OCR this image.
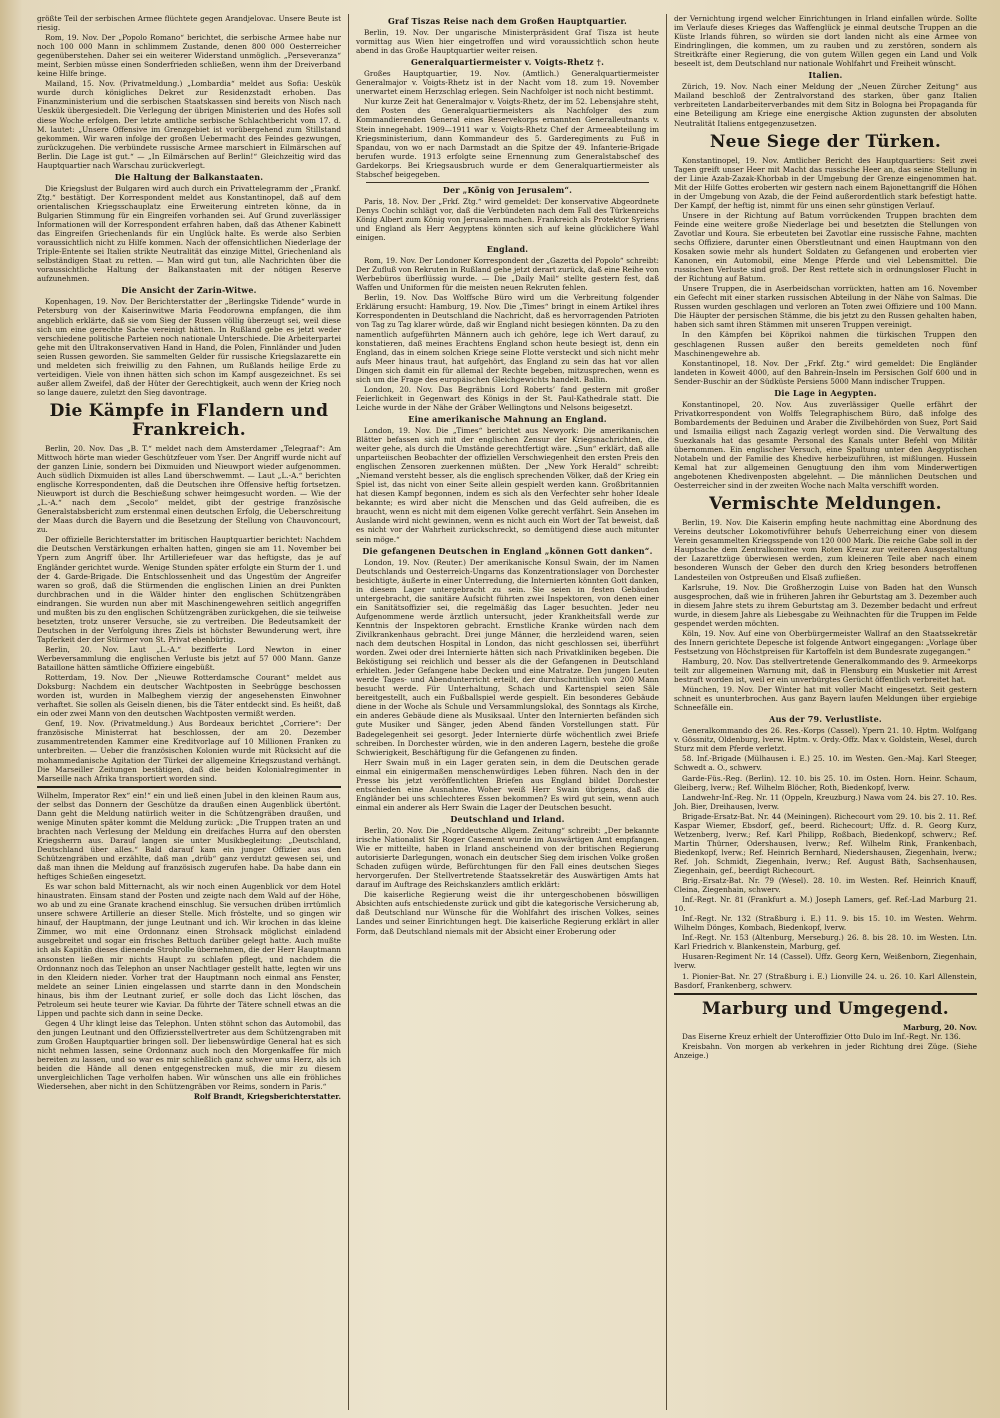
größte Teil der serbischen Armee flüchtete gegen Arandjelovac. Unsere Beute ist riesig.

Rom, 19. Nov. Der „Popolo Romano“ berichtet, die serbische Armee habe nur noch 100 000 Mann in schlimmem Zustande, denen 800 000 Oesterreicher gegenüberstehen. Daher sei ein weiterer Widerstand unmöglich. „Perseveranza“ meint, Serbien müsse einen Sonderfrieden schließen, wenn ihm der Dreiverband keine Hilfe bringe.

Mailand, 15. Nov. (Privatmeldung.) „Lombardia“ meldet aus Sofia: Ueskük wurde durch königliches Dekret zur Residenzstadt erhoben. Das Finanzministerium und die serbischen Staatskassen sind bereits von Nisch nach Ueskük übergesiedelt. Die Verlegung der übrigen Ministerien und des Hofes soll diese Woche erfolgen. Der letzte amtliche serbische Schlachtbericht vom 17. d. M. lautet: „Unsere Offensive im Grenzgebiet ist vorübergehend zum Stillstand gekommen. Wir waren infolge der großen Uebermacht des Feindes gezwungen, zurückzugehen. Die verbündete russische Armee marschiert in Eilmärschen auf Berlin. Die Lage ist gut.“ — „In Eilmärschen auf Berlin!“ Gleichzeitig wird das Hauptquartier nach Warschau zurückverlegt.

Die Haltung der Balkanstaaten.

Die Kriegslust der Bulgaren wird auch durch ein Privattelegramm der „Frankf. Ztg.“ bestätigt. Der Korrespondent meldet aus Konstantinopel, daß auf dem orientalischen Kriegsschauplatz eine Erweiterung eintreten könne, da in Bulgarien Stimmung für ein Eingreifen vorhanden sei. Auf Grund zuverlässiger Informationen will der Korrespondent erfahren haben, daß das Athener Kabinett das Eingreifen Griechenlands für ein Unglück halte. Es werde also Serbien voraussichtlich nicht zu Hilfe kommen. Nach der offensichtlichen Niederlage der Triple-Entente sei Italien strikte Neutralität das einzige Mittel, Griechenland als selbständigen Staat zu retten. — Man wird gut tun, alle Nachrichten über die voraussichtliche Haltung der Balkanstaaten mit der nötigen Reserve aufzunehmen.

Die Ansicht der Zarin-Witwe.

Kopenhagen, 19. Nov. Der Berichterstatter der „Berlingske Tidende“ wurde in Petersburg von der Kaiserinwitwe Maria Feodorowna empfangen, die ihm angeblich erklärte, daß sie vom Sieg der Russen völlig überzeugt sei, weil diese sich um eine gerechte Sache vereinigt hätten. In Rußland gebe es jetzt weder verschiedene politische Parteien noch nationale Unterschiede. Die Arbeiterpartei gehe mit den Ultrakonservativen Hand in Hand, die Polen, Finnländer und Juden seien Russen geworden. Sie sammelten Gelder für russische Kriegslazarette ein und meldeten sich freiwillig zu den Fahnen, um Rußlands heilige Erde zu verteidigen. Viele von ihnen hätten sich schon im Kampf ausgezeichnet. Es sei außer allem Zweifel, daß der Hüter der Gerechtigkeit, auch wenn der Krieg noch so lange dauere, zuletzt den Sieg davontrage.

Die Kämpfe in Flandern und Frankreich.

Berlin, 20. Nov. Das „B. T.“ meldet nach dem Amsterdamer „Telegraaf“: Am Mittwoch hörte man wieder Geschützfeuer vom Yser. Der Angriff wurde nicht auf der ganzen Linie, sondern bei Dixmuiden und Nieuwport wieder aufgenommen. Auch südlich Dixmuiden ist alles Land überschwemmt. — Laut „L.-A.“ berichten englische Korrespondenten, daß die Deutschen ihre Offensive heftig fortsetzen. Nieuwport ist durch die Beschießung schwer heimgesucht worden. — Wie der „L.-A.“ nach dem „Secolo“ meldet, gibt der gestrige französische Generalstabsbericht zum erstenmal einen deutschen Erfolg, die Ueberschreitung der Maas durch die Bayern und die Besetzung der Stellung von Chauvoncourt, zu.

Der offizielle Berichterstatter im britischen Hauptquartier berichtet: Nachdem die Deutschen Verstärkungen erhalten hatten, gingen sie am 11. November bei Ypern zum Angriff über. Ihr Artilleriefeuer war das heftigste, das je auf Engländer gerichtet wurde. Wenige Stunden später erfolgte ein Sturm der 1. und der 4. Garde-Brigade. Die Entschlossenheit und das Ungestüm der Angreifer waren so groß, daß die Stürmenden die englischen Linien an drei Punkten durchbrachen und in die Wälder hinter den englischen Schützengräben eindrangen. Sie wurden nun aber mit Maschinengewehren seitlich angegriffen und mußten bis zu den englischen Schützengräben zurückgehen, die sie teilweise besetzten, trotz unserer Versuche, sie zu vertreiben. Die Bedeutsamkeit der Deutschen in der Verfolgung ihres Ziels ist höchster Bewunderung wert, ihre Tapferkeit der der Stürmer von St. Privat ebenbürtig.

Berlin, 20. Nov. Laut „L.-A.“ bezifferte Lord Newton in einer Werbeversammlung die englischen Verluste bis jetzt auf 57 000 Mann. Ganze Bataillone hätten sämtliche Offiziere eingebüßt.

Rotterdam, 19. Nov. Der „Nieuwe Rotterdamsche Courant“ meldet aus Doksburg: Nachdem ein deutscher Wachtposten in Seebrügge beschossen worden ist, wurden in Malbeghem vierzig der angesehensten Einwohner verhaftet. Sie sollen als Geiseln dienen, bis die Täter entdeckt sind. Es heißt, daß ein oder zwei Mann von den deutschen Wachtposten vermißt werden.

Genf, 19. Nov. (Privatmeldung.) Aus Bordeaux berichtet „Corriere“: Der französische Ministerrat hat beschlossen, der am 20. Dezember zusammentretenden Kammer eine Kreditvorlage auf 10 Millionen Franken zu unterbreiten. — Ueber die französischen Kolonien wurde mit Rücksicht auf die mohammedanische Agitation der Türkei der allgemeine Kriegszustand verhängt. Die Marseiller Zeitungen bestätigen, daß die beiden Kolonialregimenter in Marseille nach Afrika transportiert worden sind.

Wilhelm, Imperator Rex“ ein!“ ein und ließ einen Jubel in den kleinen Raum aus, der selbst das Donnern der Geschütze da draußen einen Augenblick übertönt. Dann geht die Meldung natürlich weiter in die Schützengräben draußen, und wenige Minuten später kommt die Meldung zurück: „Die Truppen traten an und brachten nach Verlesung der Meldung ein dreifaches Hurra auf den obersten Kriegsherrn aus. Darauf langen sie unter Musikbegleitung: „Deutschland, Deutschland über alles.“ Bald darauf kam ein junger Offizier aus den Schützengräben und erzählte, daß man „drüb“ ganz verdutzt gewesen sei, und daß man ihnen die Meldung auf französisch zugerufen habe. Da habe dann ein heftiges Schießen eingesetzt.

Es war schon bald Mitternacht, als wir noch einen Augenblick vor dem Hotel hinaustraten. Einsam stand der Posten und zeigte nach dem Wald auf der Höhe, wo ab und zu eine Granate krachend einschlug. Sie versuchen drüben irrtümlich unsere schwere Artillerie an dieser Stelle. Mich fröstelte, und so gingen wir hinauf, der Hauptmann, der junge Leutnant und ich. Wir krochen in das kleine Zimmer, wo mit eine Ordonnanz einen Strohsack möglichst einladend ausgebreitet und sogar ein frisches Bettuch darüber gelegt hatte. Auch mußte ich als Kapitän dieses dienende Strohrolle übernehmen, die der Herr Hauptmann ansonsten ließen mir nichts Haupt zu schlafen pflegt, und nachdem die Ordonnanz noch das Telephon an unser Nachtlager gestellt hatte, legten wir uns in den Kleidern nieder. Vorher trat der Hauptmann noch einmal ans Fenster, meldete an seiner Linien eingelassen und starrte dann in den Mondschein hinaus, bis ihm der Leutnant zurief, er solle doch das Licht löschen, das Petroleum sei heute teurer wie Kaviar. Da führte der Tätere schnell etwas an die Lippen und pachte sich dann in seine Decke.

Gegen 4 Uhr klingt leise das Telephon. Unten stöhnt schon das Automobil, das den jungen Leutnant und den Offiziersstellvertreter aus dem Schützengraben mit zum Großen Hauptquartier bringen soll. Der liebenswürdige General hat es sich nicht nehmen lassen, seine Ordonnanz auch noch den Morgenkaffee für mich bereiten zu lassen, und so war es mir schließlich ganz schwer ums Herz, als ich beiden die Hände all denen entgegenstrecken muß, die mir zu diesem unvergleichlichen Tage verholfen haben. Wir wünschen uns alle ein fröhliches Wiedersehen, aber nicht in den Schützengräben vor Reims, sondern in Paris.“

Rolf Brandt, Kriegsberichterstatter.
Graf Tiszas Reise nach dem Großen Hauptquartier.

Berlin, 19. Nov. Der ungarische Ministerpräsident Graf Tisza ist heute vormittag aus Wien hier eingetroffen und wird voraussichtlich schon heute abend in das Große Hauptquartier weiter reisen.

Generalquartiermeister v. Voigts-Rhetz †.

Großes Hauptquartier, 19. Nov. (Amtlich.) Generalquartiermeister Generalmajor v. Voigts-Rhetz ist in der Nacht vom 18. zum 19. November unerwartet einem Herzschlag erlegen. Sein Nachfolger ist noch nicht bestimmt.

Nur kurze Zeit hat Generalmajor v. Voigts-Rhetz, der im 52. Lebensjahre steht, den Posten des Generalquartiermeisters als Nachfolger des zum Kommandierenden General eines Reservekorps ernannten Generalleutnants v. Stein innegehabt. 1909—1911 war v. Voigts-Rhetz Chef der Armeeabteilung im Kriegsministerium, dann Kommandeur des 5. Garderegiments zu Fuß in Spandau, von wo er nach Darmstadt an die Spitze der 49. Infanterie-Brigade berufen wurde. 1913 erfolgte seine Ernennung zum Generalstabschef des Gardekorps. Bei Kriegsausbruch wurde er dem Generalquartiermeister als Stabschef beigegeben.

Der „König von Jerusalem“.

Paris, 18. Nov. Der „Frkf. Ztg.“ wird gemeldet: Der konservative Abgeordnete Denys Cochin schlägt vor, daß die Verbündeten nach dem Fall des Türkenreichs König Albert zum König von Jerusalem machen. Frankreich als Protektor Syriens und England als Herr Aegyptens könnten sich auf keine glücklichere Wahl einigen.

England.

Rom, 19. Nov. Der Londoner Korrespondent der „Gazetta del Popolo“ schreibt: Der Zufluß von Rekruten in Rußland gehe jetzt derart zurück, daß eine Reihe von Werbebüros überflüssig wurde. — Die „Daily Mail“ stellte gestern fest, daß Waffen und Uniformen für die meisten neuen Rekruten fehlen.

Berlin, 19. Nov. Das Wolffsche Büro wird um die Verbreitung folgender Erklärung ersucht: Hamburg, 19. Nov. Die „Times“ bringt in einem Artikel ihres Korrespondenten in Deutschland die Nachricht, daß es hervorragenden Patrioten von Tag zu Tag klarer würde, daß wir England nicht besiegen könnten. Da zu den namentlich aufgeführten Männern auch ich gehöre, lege ich Wert darauf, zu konstatieren, daß meines Erachtens England schon heute besiegt ist, denn ein England, das in einem solchen Kriege seine Flotte versteckt und sich nicht mehr aufs Meer hinaus traut, hat aufgehört, das England zu sein das hat vor allen Dingen sich damit ein für allemal der Rechte begeben, mitzusprechen, wenn es sich um die Frage des europäischen Gleichgewichts handelt. Ballin.

London, 20. Nov. Das Begräbnis Lord Roberts’ fand gestern mit großer Feierlichkeit in Gegenwart des Königs in der St. Paul-Kathedrale statt. Die Leiche wurde in der Nähe der Gräber Wellingtons und Nelsons beigesetzt.

Eine amerikanische Mahnung an England.

London, 19. Nov. Die „Times“ berichtet aus Newyork: Die amerikanischen Blätter befassen sich mit der englischen Zensur der Kriegsnachrichten, die weiter gehe, als durch die Umstände gerechtfertigt wäre. „Sun“ erklärt, daß alle unparteiischen Beobachter der offiziellen Verschwiegenheit den ersten Preis den englischen Zensoren zuerkennen müßten. Der „New York Herald“ schreibt: „Niemand versteht besser, als die englisch sprechenden Völker, daß der Krieg ein Spiel ist, das nicht von einer Seite allein gespielt werden kann. Großbritannien hat diesen Kampf begonnen, indem es sich als den Verfechter sehr hoher Ideale bekannte; es wird aber nicht die Menschen und das Geld aufreiben, die es braucht, wenn es nicht mit dem eigenen Volke gerecht verfährt. Sein Ansehen im Auslande wird nicht gewinnen, wenn es nicht auch ein Wort der Tat beweist, daß es nicht vor der Wahrheit zurückschreckt, so demütigend diese auch mitunter sein möge.“

Die gefangenen Deutschen in England „können Gott danken“.

London, 19. Nov. (Reuter.) Der amerikanische Konsul Swain, der im Namen Deutschlands und Oesterreich-Ungarns das Konzentrationslager von Dorchester besichtigte, äußerte in einer Unterredung, die Internierten könnten Gott danken, in diesem Lager untergebracht zu sein. Sie seien in festen Gebäuden untergebracht, die sanitäre Aufsicht führten zwei Inspektoren, von denen einer ein Sanitätsoffizier sei, die regelmäßig das Lager besuchten. Jeder neu Aufgenommene werde ärztlich untersucht, jeder Krankheitsfall werde zur Kenntnis der Inspektoren gebracht. Ernstliche Kranke würden nach dem Zivilkrankenhaus gebracht. Drei junge Männer, die herzleidend waren, seien nach dem deutschen Hospital in London, das nicht geschlossen sei, überführt worden. Zwei oder drei Internierte hätten sich nach Privatkliniken begeben. Die Beköstigung sei reichlich und besser als die der Gefangenen in Deutschland erhielten. Jeder Gefangene habe Decken und eine Matratze. Den jungen Leuten werde Tages- und Abendunterricht erteilt, der durchschnittlich von 200 Mann besucht werde. Für Unterhaltung, Schach und Kartenspiel seien Säle bereitgestellt, auch ein Fußballspiel werde gespielt. Ein besonderes Gebäude diene in der Woche als Schule und Versammlungslokal, des Sonntags als Kirche, ein anderes Gebäude diene als Musiksaal. Unter den Internierten befänden sich gute Musiker und Sänger, jeden Abend fänden Vorstellungen statt. Für Badegelegenheit sei gesorgt. Jeder Internierte dürfe wöchentlich zwei Briefe schreiben. In Dorchester würden, wie in den anderen Lagern, bestehe die große Schwierigkeit, Beschäftigung für die Gefangenen zu finden.

Herr Swain muß in ein Lager geraten sein, in dem die Deutschen gerade einmal ein einigermaßen menschenwürdiges Leben führen. Nach den in der Presse bis jetzt veröffentlichten Briefen aus England bildet Dorchester entschieden eine Ausnahme. Woher weiß Herr Swain übrigens, daß die Engländer bei uns schlechteres Essen bekommen? Es wird gut sein, wenn auch einmal ein anderer als Herr Swain die Lager der Deutschen besucht.

Deutschland und Irland.

Berlin, 20. Nov. Die „Norddeutsche Allgem. Zeitung“ schreibt: „Der bekannte irische Nationalist Sir Roger Casement wurde im Auswärtigen Amt empfangen. Wie er mitteilte, haben in Irland anscheinend von der britischen Regierung autorisierte Darlegungen, wonach ein deutscher Sieg dem irischen Volke großen Schaden zufügen würde, Befürchtungen für den Fall eines deutschen Sieges hervorgerufen. Der Stellvertretende Staatssekretär des Auswärtigen Amts hat darauf im Auftrage des Reichskanzlers amtlich erklärt:

Die kaiserliche Regierung weist die ihr untergeschobenen böswilligen Absichten aufs entschiedenste zurück und gibt die kategorische Versicherung ab, daß Deutschland nur Wünsche für die Wohlfahrt des irischen Volkes, seines Landes und seiner Einrichtungen hegt. Die kaiserliche Regierung erklärt in aller Form, daß Deutschland niemals mit der Absicht einer Eroberung oder

der Vernichtung irgend welcher Einrichtungen in Irland einfallen würde. Sollte im Verlaufe dieses Krieges das Waffenglück je einmal deutsche Truppen an die Küste Irlands führen, so würden sie dort landen nicht als eine Armee von Eindringlingen, die kommen, um zu rauben und zu zerstören, sondern als Streitkräfte einer Regierung, die von gutem Willen gegen ein Land und Volk beseelt ist, dem Deutschland nur nationale Wohlfahrt und Freiheit wünscht.

Italien.

Zürich, 19. Nov. Nach einer Meldung der „Neuen Zürcher Zeitung“ aus Mailand beschloß der Zentralvorstand des starken, über ganz Italien verbreiteten Landarbeiterverbandes mit dem Sitz in Bologna bei Propaganda für eine Beteiligung am Kriege eine energische Aktion zugunsten der absoluten Neutralität Italiens entgegenzusetzen.

Neue Siege der Türken.

Konstantinopel, 19. Nov. Amtlicher Bericht des Hauptquartiers: Seit zwei Tagen greift unser Heer mit Macht das russische Heer an, das seine Stellung in der Linie Azab-Zazak-Khorbab in der Umgebung der Grenze eingenommen hat. Mit der Hilfe Gottes eroberten wir gestern nach einem Bajonettangriff die Höhen in der Umgebung von Azab, die der Feind außerordentlich stark befestigt hatte. Der Kampf, der heftig ist, nimmt für uns einen sehr günstigen Verlauf.

Unsere in der Richtung auf Batum vorrückenden Truppen brachten dem Feinde eine weitere große Niederlage bei und besetzten die Stellungen von Zavotlar und Koura. Sie erbeuteten bei Zavotlar eine russische Fahne, machten sechs Offiziere, darunter einen Oberstleutnant und einen Hauptmann von den Kosaken sowie mehr als hundert Soldaten zu Gefangenen und eroberten vier Kanonen, ein Automobil, eine Menge Pferde und viel Lebensmittel. Die russischen Verluste sind groß. Der Rest rettete sich in ordnungsloser Flucht in der Richtung auf Batum.

Unsere Truppen, die in Aserbeidschan vorrückten, hatten am 16. November ein Gefecht mit einer starken russischen Abteilung in der Nähe von Salmas. Die Russen wurden geschlagen und verloren an Toten zwei Offiziere und 100 Mann. Die Häupter der persischen Stämme, die bis jetzt zu den Russen gehalten haben, haben sich samt ihren Stämmen mit unseren Truppen vereinigt.

In den Kämpfen bei Köprikoi nahmen die türkischen Truppen den geschlagenen Russen außer den bereits gemeldeten noch fünf Maschinengewehre ab.

Konstantinopel, 18. Nov. Der „Frkf. Ztg.“ wird gemeldet: Die Engländer landeten in Koweit 4000, auf den Bahrein-Inseln im Persischen Golf 600 und in Sender-Buschir an der Südküste Persiens 5000 Mann indischer Truppen.

Die Lage in Aegypten.

Konstantinopel, 20. Nov. Aus zuverlässiger Quelle erfährt der Privatkorrespondent von Wolffs Telegraphischem Büro, daß infolge des Bombardements der Beduinen und Araber die Zivilbehörden von Suez, Port Said und Ismailia eiligst nach Zagazig verlegt worden sind. Die Verwaltung des Suezkanals hat das gesamte Personal des Kanals unter Befehl von Militär übernommen. Ein englischer Versuch, eine Spaltung unter den Aegyptischen Notabeln und der Familie des Khedive herbeizuführen, ist mißlungen. Hussein Kemal hat zur allgemeinen Genugtuung den ihm vom Minderwertigen angebotenen Khedivenposten abgelehnt. — Die männlichen Deutschen und Oesterreicher sind in der zweiten Woche nach Malta verschifft worden.

Vermischte Meldungen.

Berlin, 19. Nov. Die Kaiserin empfing heute nachmittag eine Abordnung des Vereins deutscher Lokomotivführer behufs Ueberreichung einer von diesem Verein gesammelten Kriegsspende von 120 000 Mark. Die reiche Gabe soll in der Hauptsache dem Zentralkomitee vom Roten Kreuz zur weiteren Ausgestaltung der Lazarettzüge überwiesen werden, zum kleineren Teile aber nach einem besonderen Wunsch der Geber den durch den Krieg besonders betroffenen Landesteilen von Ostpreußen und Elsaß zufließen.

Karlsruhe, 19. Nov. Die Großherzogin Luise von Baden hat den Wunsch ausgesprochen, daß wie in früheren Jahren ihr Geburtstag am 3. Dezember auch in diesem Jahre stets zu ihrem Geburtstag am 3. Dezember bedacht und erfreut wurde, in diesem Jahre als Liebesgabe zu Weihnachten für die Truppen im Felde gespendet werden möchten.

Köln, 19. Nov. Auf eine von Oberbürgermeister Wallraf an den Staatssekretär des Innern gerichtete Depesche ist folgende Antwort eingegangen: „Vorlage über Festsetzung von Höchstpreisen für Kartoffeln ist dem Bundesrate zugegangen.“

Hamburg, 20. Nov. Das stellvertretende Generalkommando des 9. Armeekorps teilt zur allgemeinen Warnung mit, daß in Flensburg ein Musketier mit Arrest bestraft worden ist, weil er ein unverbürgtes Gerücht öffentlich verbreitet hat.

München, 19. Nov. Der Winter hat mit voller Macht eingesetzt. Seit gestern schneit es ununterbrochen. Aus ganz Bayern laufen Meldungen über ergiebige Schneefälle ein.

Aus der 79. Verlustliste.

Generalkommando des 26. Res.-Korps (Cassel). Ypern 21. 10. Hptm. Wolfgang v. Gössnitz, Oldenburg, lverw. Hptm. v. Ordy.-Offz. Max v. Goldstein, Wesel, durch Sturz mit dem Pferde verletzt.

58. Inf.-Brigade (Mülhausen i. E.) 25. 10. im Westen. Gen.-Maj. Karl Steeger, Schwedt a. O., schwerv.

Garde-Füs.-Reg. (Berlin). 12. 10. bis 25. 10. im Osten. Horn. Heinr. Schaum, Gleiberg, lverw.; Ref. Wilhelm Blöcher, Roth, Biedenkopf, lverw.

Landwehr-Inf.-Reg. Nr. 11 (Oppeln, Kreuzburg.) Nawa vom 24. bis 27. 10. Res. Joh. Bier, Dreihausen, lverw.

Brigade-Ersatz-Bat. Nr. 44 (Meiningen). Richecourt vom 29. 10. bis 2. 11. Ref. Kaspar Wiemer, Ebsdorf, gef., beerd. Richecourt; Uffz. d. R. Georg Kurz, Wetzenberg, lverw.; Ref. Karl Philipp, Roßbach, Biedenkopf, schwerv.; Ref. Martin Thürner, Odershausen, lverw.; Ref. Wilhelm Rink, Frankenbach, Biedenkopf, lverw.; Ref. Heinrich Bernhard, Niedershausen, Ziegenhain, lverw.; Ref. Joh. Schmidt, Ziegenhain, lverw.; Ref. August Bäth, Sachsenhausen, Ziegenhain, gef., beerdigt Richecourt.

Brig.-Ersatz-Bat. Nr. 79 (Wesel). 28. 10. im Westen. Ref. Heinrich Knauff, Cleina, Ziegenhain, schwerv.

Inf.-Regt. Nr. 81 (Frankfurt a. M.) Joseph Lamers, gef. Ref.-Lad Marburg 21. 10.

Inf.-Regt. Nr. 132 (Straßburg i. E.) 11. 9. bis 15. 10. im Westen. Wehrm. Wilhelm Dönges, Kombach, Biedenkopf, lverw.

Inf.-Regt. Nr. 153 (Altenburg, Merseburg.) 26. 8. bis 28. 10. im Westen. Ltn. Karl Friedrich v. Blankenstein, Marburg, gef.

Husaren-Regiment Nr. 14 (Cassel). Uffz. Georg Kern, Weißenborn, Ziegenhain, lverw.

1. Pionier-Bat. Nr. 27 (Straßburg i. E.) Lionville 24. u. 26. 10. Karl Allenstein, Basdorf, Frankenberg, schwerv.

Marburg und Umgegend.
Marburg, 20. Nov.

Das Eiserne Kreuz erhielt der Unteroffizier Otto Dulo im Inf.-Regt. Nr. 136.

Kreisbahn. Von morgen ab verkehren in jeder Richtung drei Züge. (Siehe Anzeige.)
